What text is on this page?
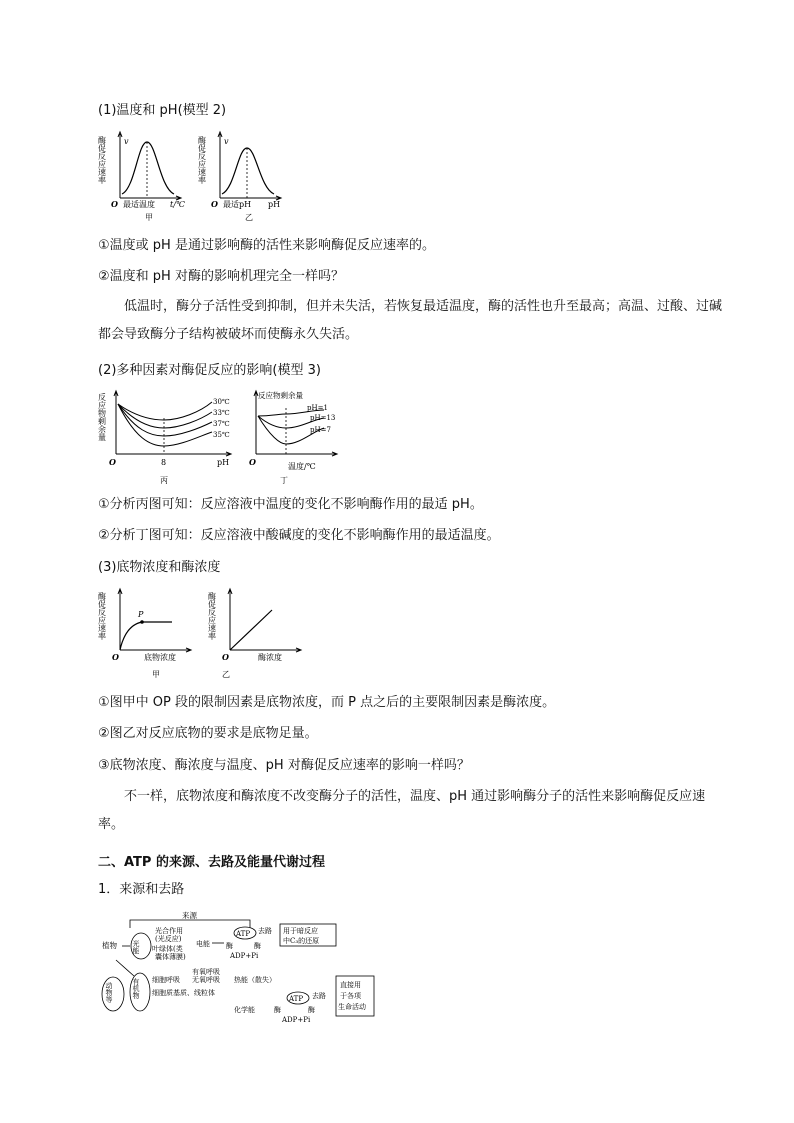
(1)温度和 pH(模型 2)
酶促反应速率 v
O 最适温度 t/℃
甲
酶促反应速率 v
O 最适pH pH
乙
①温度或 pH 是通过影响酶的活性来影响酶促反应速率的。
②温度和 pH 对酶的影响机理完全一样吗？
低温时，酶分子活性受到抑制，但并未失活，若恢复最适温度，酶的活性也升至最高；高温、过酸、过碱都会导致酶分子结构被破坏而使酶永久失活。
(2)多种因素对酶促反应的影响(模型 3)
反应物剩余量	30℃
33℃
37℃
35℃
O	8	pH
丙
反应物剩余量
pH=1
pH=13
pH=7
O	温度/℃
丁
①分析丙图可知：反应溶液中温度的变化不影响酶作用的最适 pH。
②分析丁图可知：反应溶液中酸碱度的变化不影响酶作用的最适温度。
(3)底物浓度和酶浓度
酶促反应速率	P
O	底物浓度
甲
酶促反应速率
O	酶浓度
乙
①图甲中 OP 段的限制因素是底物浓度，而 P 点之后的主要限制因素是酶浓度。
②图乙对反应底物的要求是底物足量。
③底物浓度、酶浓度与温度、pH 对酶促反应速率的影响一样吗？
不一样，底物浓度和酶浓度不改变酶分子的活性，温度、pH 通过影响酶分子的活性来影响酶促反应速率。
二、ATP 的来源、去路及能量代谢过程
1．来源和去路
来源
植物 光能
光合作用
(光反应)
叶绿体(类
囊体薄膜)
电能
ATP
酶	酶
ADP+Pi
去路 用于暗反应
中C₃的还原
动物等	有机物 细胞呼吸
有氧呼吸
无氧呼吸
细胞质基质、线粒体
热能（散失）
ATP
酶	酶
化学能
ADP+Pi
去路
直接用
于各项
生命活动
